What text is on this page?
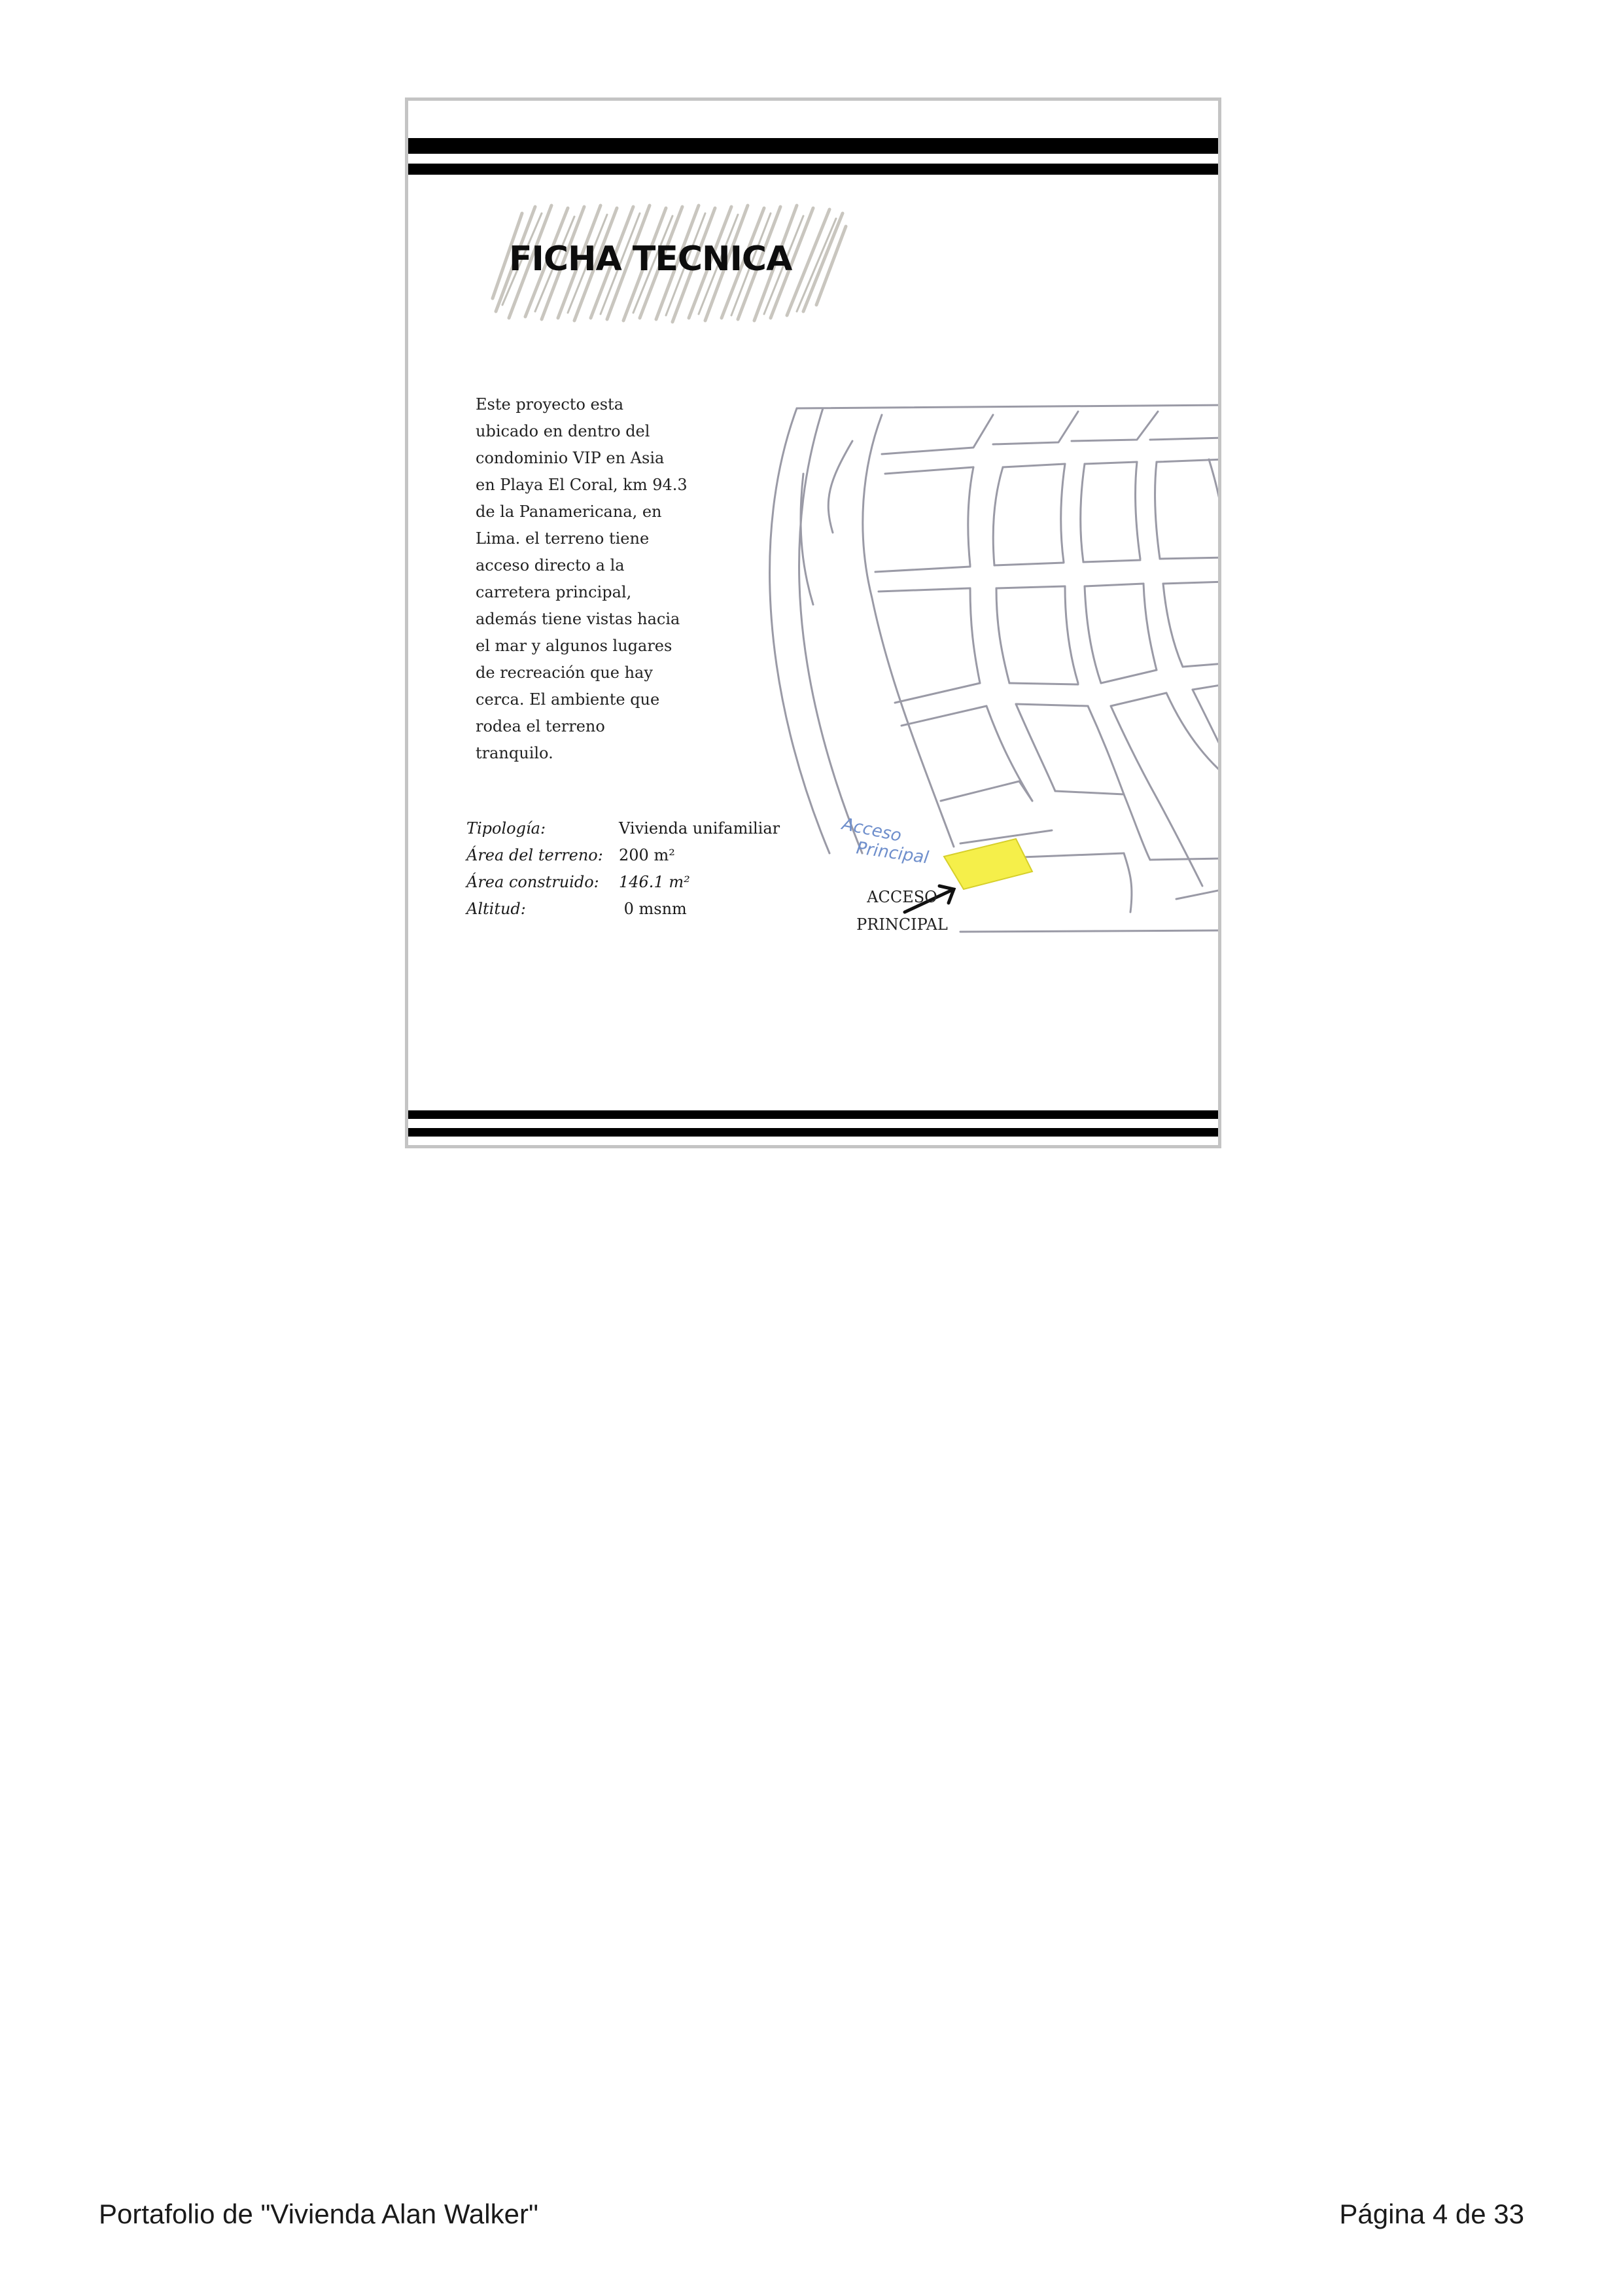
FICHA TECNICA
Este proyecto esta
ubicado en dentro del
condominio VIP en Asia
en Playa El Coral, km 94.3
de la Panamericana, en
Lima. el terreno tiene
acceso directo a la
carretera principal,
además tiene vistas hacia
el mar y algunos lugares
de recreación que hay
cerca. El ambiente que
rodea el terreno
tranquilo.
Tipología:	Vivienda unifamiliar
Área del terreno:	200 m²
Área construido:	146.1 m²
Altitud:	0 msnm
Acceso
Principal
ACCESO
PRINCIPAL
Portafolio de "Vivienda Alan Walker"	Página 4 de 33
